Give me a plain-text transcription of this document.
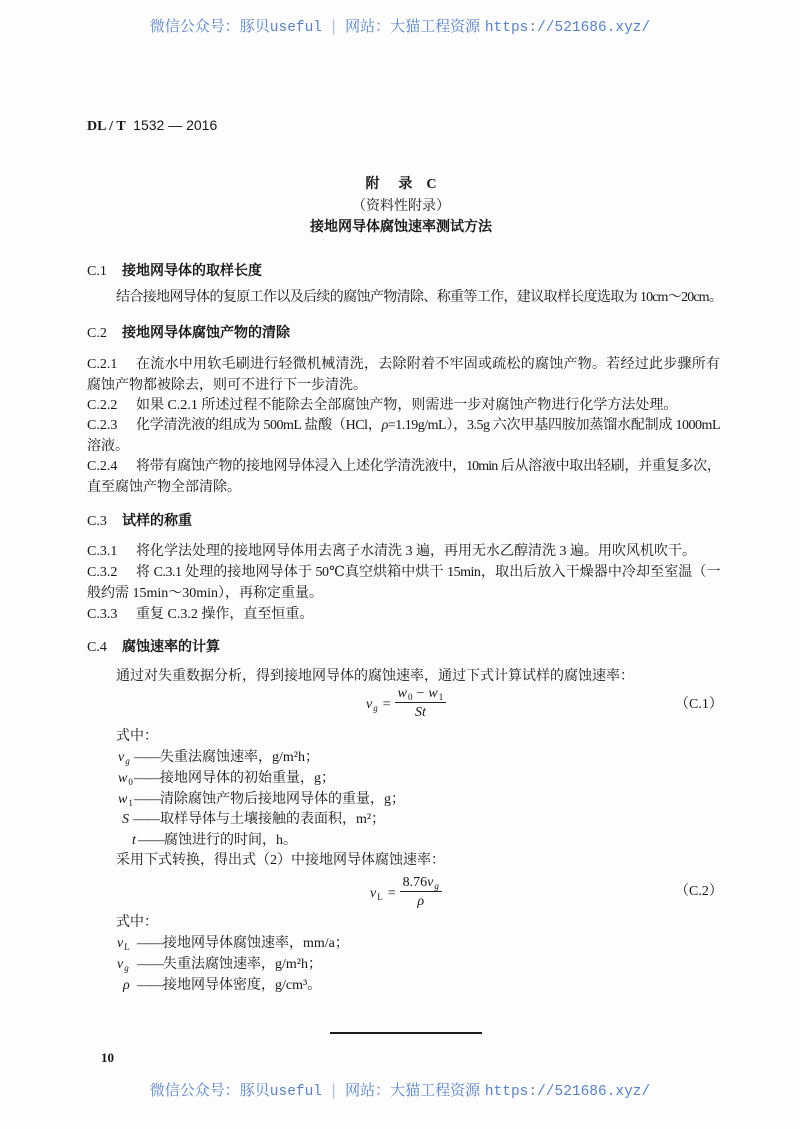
微信公众号：豚贝useful | 网站：大猫工程资源 https://521686.xyz/
DL / T 1532 — 2016
附 录 C
（资料性附录）
接地网导体腐蚀速率测试方法
C.1 接地网导体的取样长度
结合接地网导体的复原工作以及后续的腐蚀产物清除、称重等工作，建议取样长度选取为 10cm～20cm。
C.2 接地网导体腐蚀产物的清除
C.2.1 在流水中用软毛刷进行轻微机械清洗，去除附着不牢固或疏松的腐蚀产物。若经过此步骤所有
腐蚀产物都被除去，则可不进行下一步清洗。
C.2.2 如果 C.2.1 所述过程不能除去全部腐蚀产物，则需进一步对腐蚀产物进行化学方法处理。
C.2.3 化学清洗液的组成为 500mL 盐酸（HCl，ρ=1.19g/mL），3.5g 六次甲基四胺加蒸馏水配制成 1000mL
溶液。
C.2.4 将带有腐蚀产物的接地网导体浸入上述化学清洗液中，10min 后从溶液中取出轻刷，并重复多次，
直至腐蚀产物全部清除。
C.3 试样的称重
C.3.1 将化学法处理的接地网导体用去离子水清洗 3 遍，再用无水乙醇清洗 3 遍。用吹风机吹干。
C.3.2 将 C.3.1 处理的接地网导体于 50℃真空烘箱中烘干 15min，取出后放入干燥器中冷却至室温（一
般约需 15min～30min），再称定重量。
C.3.3 重复 C.3.2 操作，直至恒重。
C.4 腐蚀速率的计算
通过对失重数据分析，得到接地网导体的腐蚀速率，通过下式计算试样的腐蚀速率：
$v_g = \frac{w_0 - w_1}{St}$	（C.1）
式中：
$v_g$ —— 失重法腐蚀速率，g/m²h；
$w_0$ —— 接地网导体的初始重量，g；
$w_1$ —— 清除腐蚀产物后接地网导体的重量，g；
S —— 取样导体与土壤接触的表面积，m²；
t —— 腐蚀进行的时间，h。
采用下式转换，得出式（2）中接地网导体腐蚀速率：
$v_L = \frac{8.76v_g}{\rho}$	（C.2）
式中：
$v_L$ —— 接地网导体腐蚀速率，mm/a；
$v_g$ —— 失重法腐蚀速率，g/m²h；
ρ —— 接地网导体密度，g/cm³。
10
微信公众号：豚贝useful | 网站：大猫工程资源 https://521686.xyz/
